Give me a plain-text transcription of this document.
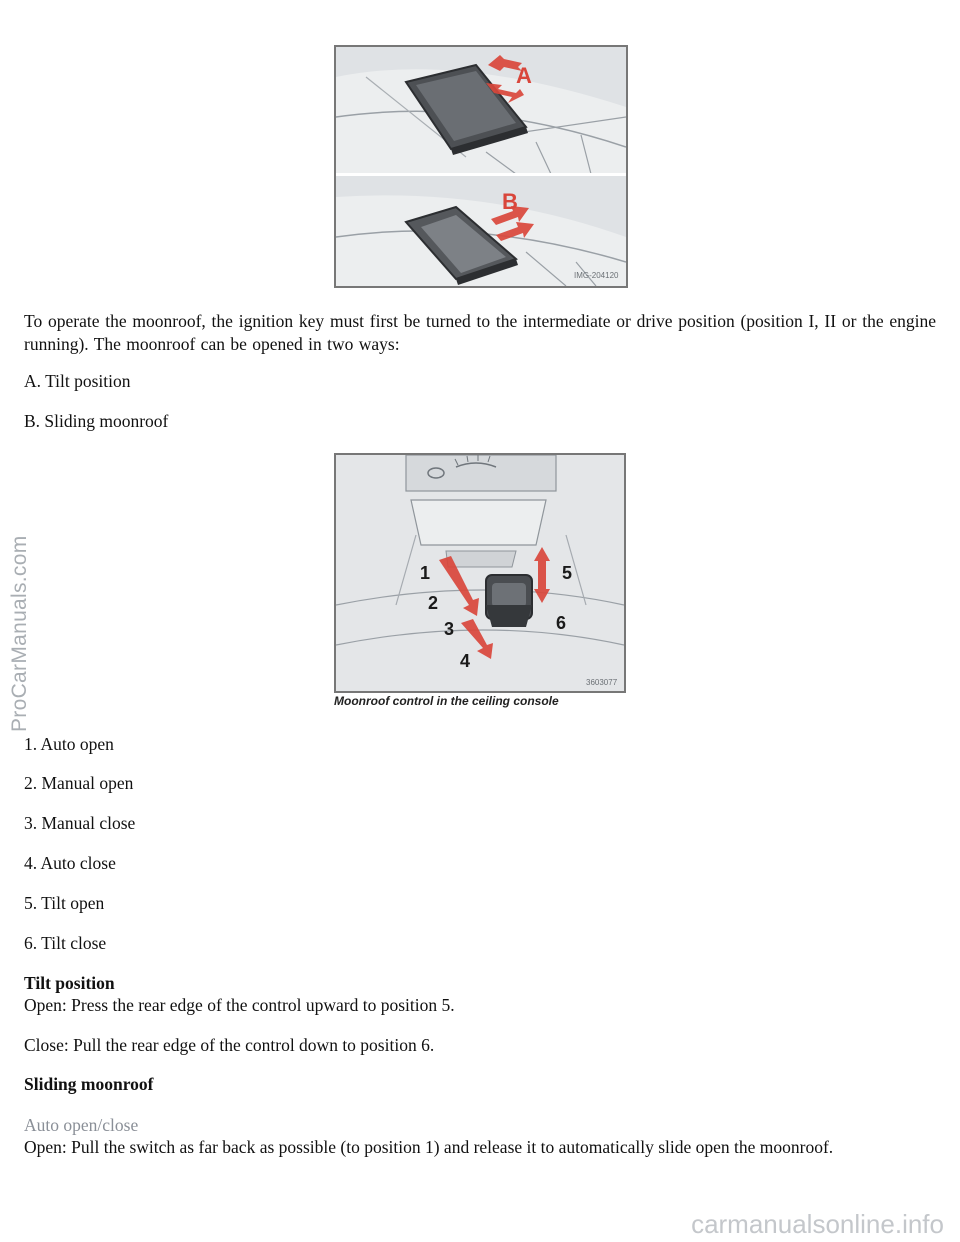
A
B
IMG-204120

To operate the moonroof, the ignition key must first be turned to the intermediate or drive position (position I, II or the engine running). The moonroof can be opened in two ways:

A. Tilt position

B. Sliding moonroof

1
2
3
4
5
6
3603077
Moonroof control in the ceiling console

1. Auto open

2. Manual open

3. Manual close

4. Auto close

5. Tilt open

6. Tilt close

Tilt position

Open: Press the rear edge of the control upward to position 5.

Close: Pull the rear edge of the control down to position 6.

Sliding moonroof

Auto open/close

Open: Pull the switch as far back as possible (to position 1) and release it to automatically slide open the moonroof.

ProCarManuals.com
carmanualsonline.info
